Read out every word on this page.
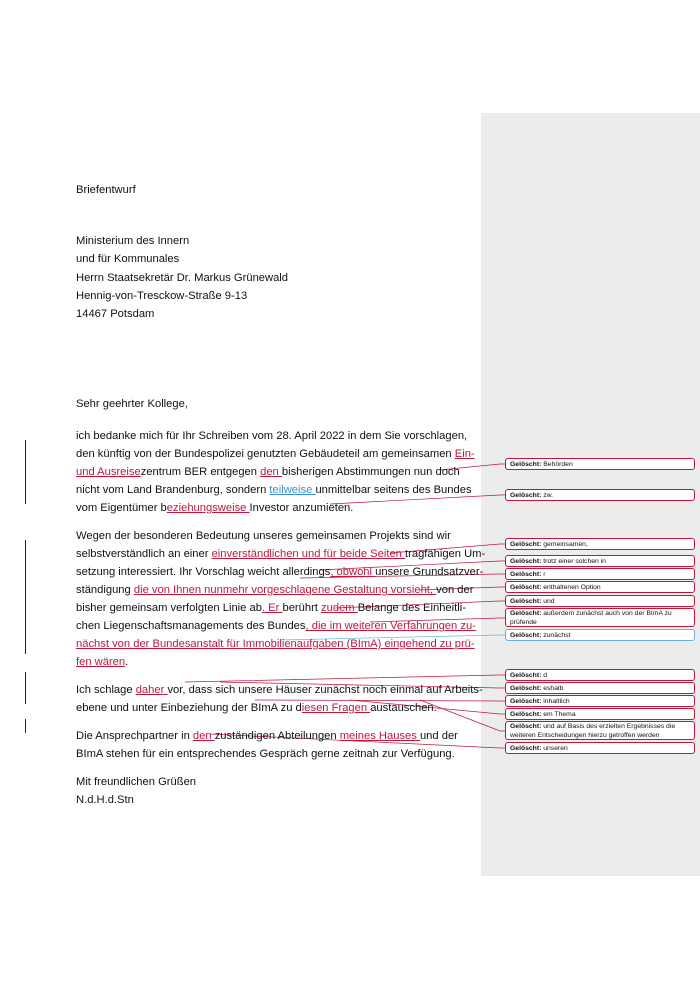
Briefentwurf
Ministerium des Innern
und für Kommunales
Herrn Staatsekretär Dr. Markus Grünewald
Hennig-von-Tresckow-Straße 9-13
14467 Potsdam
Sehr geehrter Kollege,
ich bedanke mich für Ihr Schreiben vom 28. April 2022 in dem Sie vorschlagen,
den künftig von der Bundespolizei genutzten Gebäudeteil am gemeinsamen Ein-
und Ausreisezentrum BER entgegen den bisherigen Abstimmungen nun doch
nicht vom Land Brandenburg, sondern teilweise unmittelbar seitens des Bundes
vom Eigentümer beziehungsweise Investor anzumieten.
Wegen der besonderen Bedeutung unseres gemeinsamen Projekts sind wir
selbstverständlich an einer einverständlichen und für beide Seiten tragfähigen Um-
setzung interessiert. Ihr Vorschlag weicht allerdings, obwohl unsere Grundsatzver-
ständigung die von Ihnen nunmehr vorgeschlagene Gestaltung vorsieht, von der
bisher gemeinsam verfolgten Linie ab. Er berührt zudem Belange des Einheitli-
chen Liegenschaftsmanagements des Bundes, die im weiteren Verfahrungen zu-
nächst von der Bundesanstalt für Immobilienaufgaben (BImA) eingehend zu prü-
fen wären.
Ich schlage daher vor, dass sich unsere Häuser zunächst noch einmal auf Arbeits-
ebene und unter Einbeziehung der BImA zu diesen Fragen austauschen.
Die Ansprechpartner in den zuständigen Abteilungen meines Hauses und der
BImA stehen für ein entsprechendes Gespräch gerne zeitnah zur Verfügung.
Mit freundlichen Grüßen
N.d.H.d.Stn
Gelöscht: Behörden
Gelöscht: zw.
Gelöscht: gemeinsamen,
Gelöscht: trotz einer solchen in
Gelöscht: r
Gelöscht: enthaltenen Option
Gelöscht: und
Gelöscht: außerdem zunächst auch von der BImA zu prüfende
Gelöscht: zunächst
Gelöscht: d
Gelöscht: eshalb
Gelöscht: inhaltlich
Gelöscht: em Thema
Gelöscht: und auf Basis des erzielten Ergebnisses die weiteren Entscheidungen hierzu getroffen werden
Gelöscht: unseren
